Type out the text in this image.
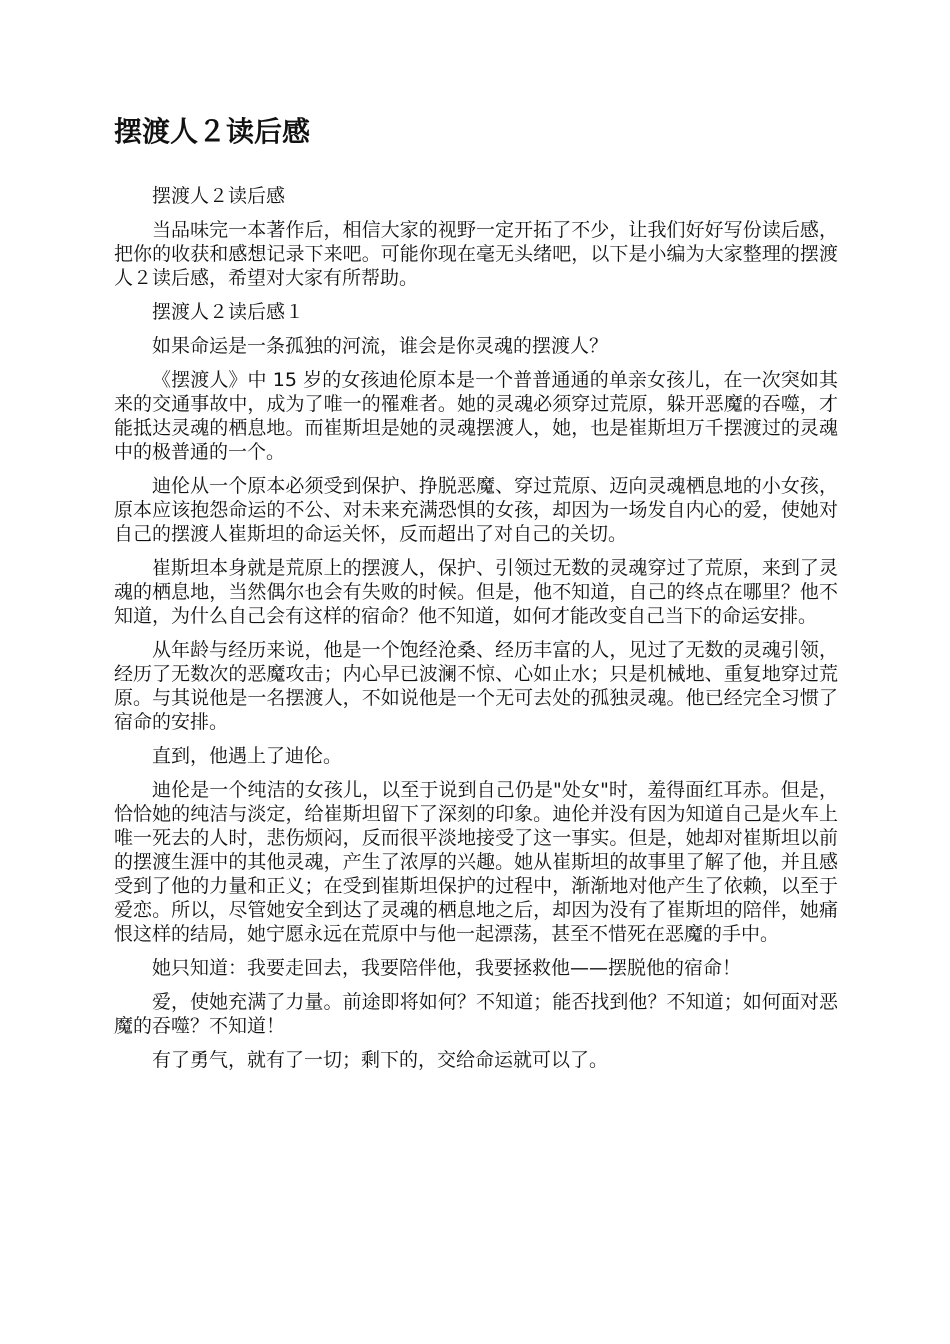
摆渡人２读后感

摆渡人２读后感

当品味完一本著作后，相信大家的视野一定开拓了不少，让我们好好写份读后感，把你的收获和感想记录下来吧。可能你现在毫无头绪吧，以下是小编为大家整理的摆渡人２读后感，希望对大家有所帮助。

摆渡人２读后感１

如果命运是一条孤独的河流，谁会是你灵魂的摆渡人？

《摆渡人》中 15 岁的女孩迪伦原本是一个普普通通的单亲女孩儿，在一次突如其来的交通事故中，成为了唯一的罹难者。她的灵魂必须穿过荒原，躲开恶魔的吞噬，才能抵达灵魂的栖息地。而崔斯坦是她的灵魂摆渡人，她，也是崔斯坦万千摆渡过的灵魂中的极普通的一个。

迪伦从一个原本必须受到保护、挣脱恶魔、穿过荒原、迈向灵魂栖息地的小女孩，原本应该抱怨命运的不公、对未来充满恐惧的女孩，却因为一场发自内心的爱，使她对自己的摆渡人崔斯坦的命运关怀，反而超出了对自己的关切。

崔斯坦本身就是荒原上的摆渡人，保护、引领过无数的灵魂穿过了荒原，来到了灵魂的栖息地，当然偶尔也会有失败的时候。但是，他不知道，自己的终点在哪里？他不知道，为什么自己会有这样的宿命？他不知道，如何才能改变自己当下的命运安排。

从年龄与经历来说，他是一个饱经沧桑、经历丰富的人，见过了无数的灵魂引领，经历了无数次的恶魔攻击；内心早已波澜不惊、心如止水；只是机械地、重复地穿过荒原。与其说他是一名摆渡人，不如说他是一个无可去处的孤独灵魂。他已经完全习惯了宿命的安排。

直到，他遇上了迪伦。

迪伦是一个纯洁的女孩儿，以至于说到自己仍是"处女"时，羞得面红耳赤。但是，恰恰她的纯洁与淡定，给崔斯坦留下了深刻的印象。迪伦并没有因为知道自己是火车上唯一死去的人时，悲伤烦闷，反而很平淡地接受了这一事实。但是，她却对崔斯坦以前的摆渡生涯中的其他灵魂，产生了浓厚的兴趣。她从崔斯坦的故事里了解了他，并且感受到了他的力量和正义；在受到崔斯坦保护的过程中，渐渐地对他产生了依赖，以至于爱恋。所以，尽管她安全到达了灵魂的栖息地之后，却因为没有了崔斯坦的陪伴，她痛恨这样的结局，她宁愿永远在荒原中与他一起漂荡，甚至不惜死在恶魔的手中。

她只知道：我要走回去，我要陪伴他，我要拯救他——摆脱他的宿命！

爱，使她充满了力量。前途即将如何？不知道；能否找到他？不知道；如何面对恶魔的吞噬？不知道！

有了勇气，就有了一切；剩下的，交给命运就可以了。
